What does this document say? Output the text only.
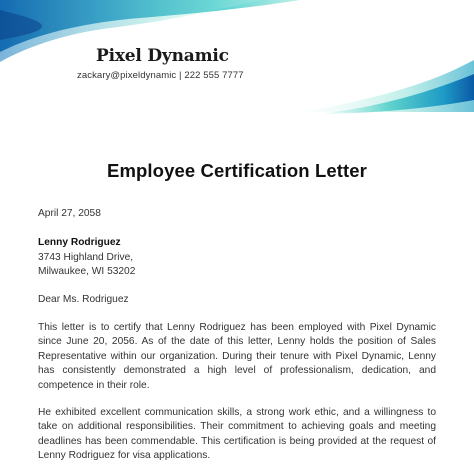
Pixel Dynamic
zackary@pixeldynamic | 222 555 7777
Employee Certification Letter
April 27, 2058
Lenny Rodriguez
3743 Highland Drive,
Milwaukee, WI 53202
Dear Ms. Rodriguez
This letter is to certify that Lenny Rodriguez has been employed with Pixel Dynamic
since June 20, 2056. As of the date of this letter, Lenny holds the position of Sales
Representative within our organization. During their tenure with Pixel Dynamic, Lenny
has consistently demonstrated a high level of professionalism, dedication, and
competence in their role.
He exhibited excellent communication skills, a strong work ethic, and a willingness to
take on additional responsibilities. Their commitment to achieving goals and meeting
deadlines has been commendable. This certification is being provided at the request of
Lenny Rodriguez for visa applications.
